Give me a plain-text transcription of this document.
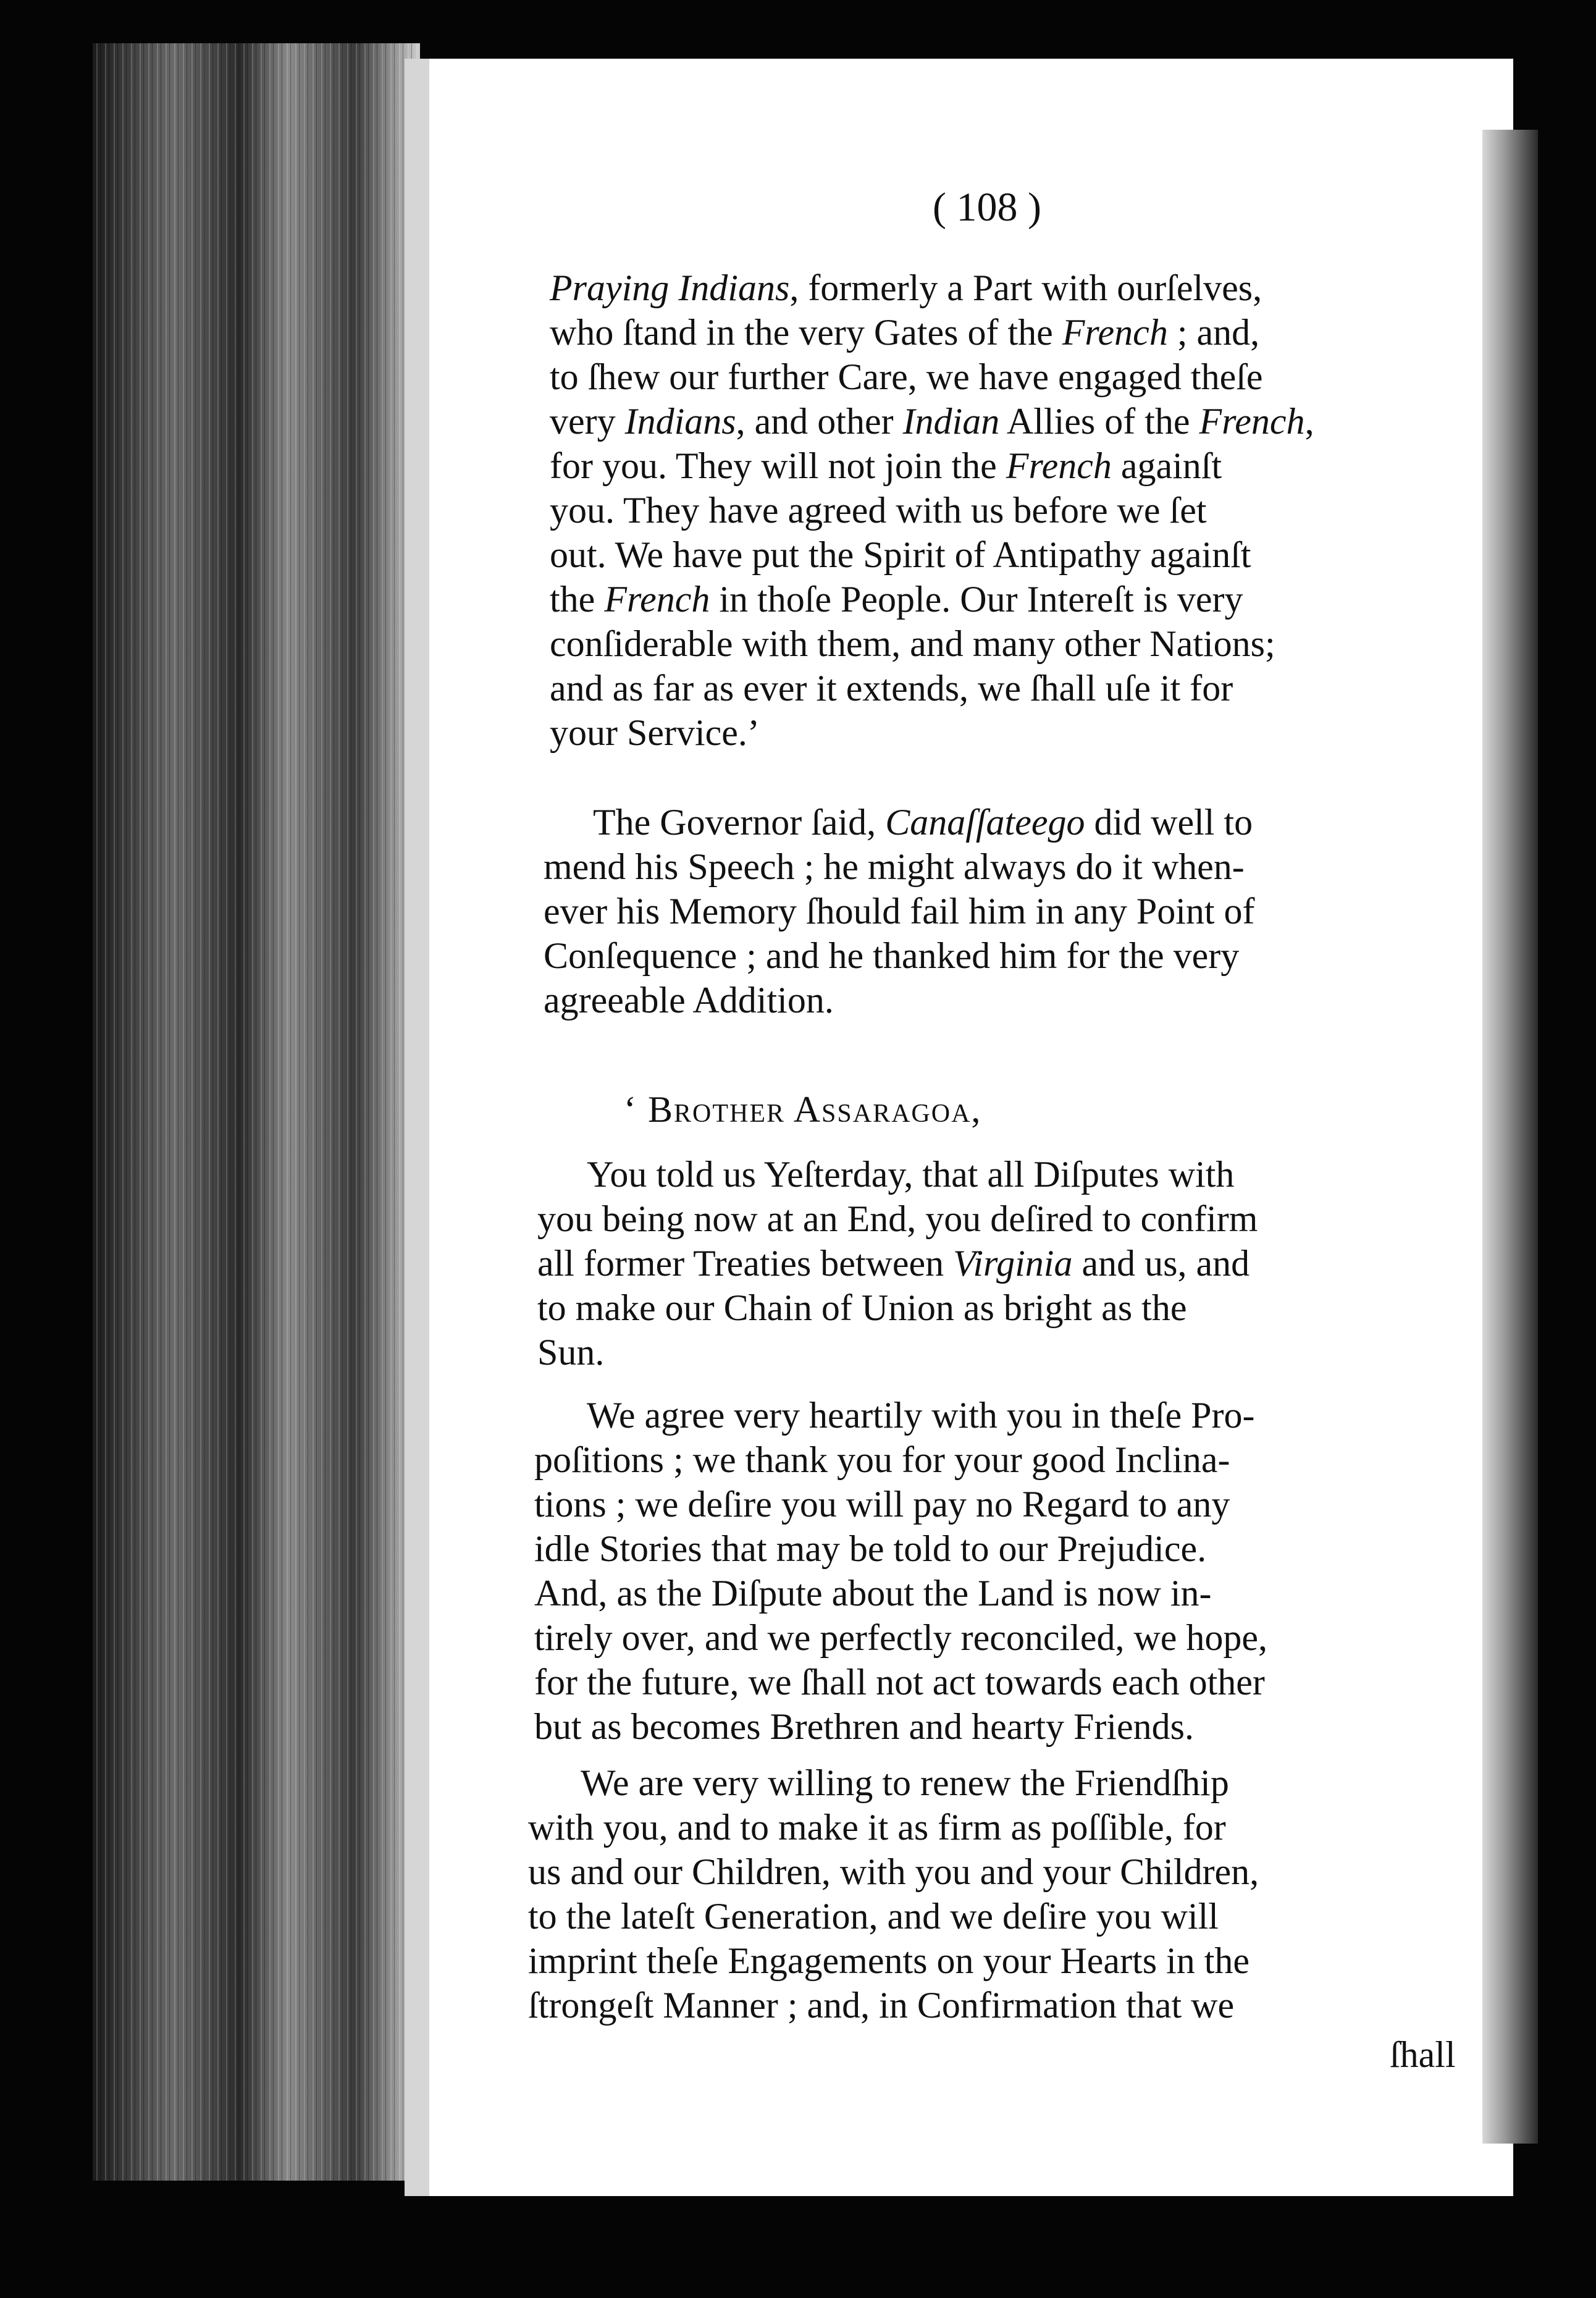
( 108 )

Praying Indians, formerly a Part with ourſelves,

who ſtand in the very Gates of the French ; and,

to ſhew our further Care, we have engaged theſe

very Indians, and other Indian Allies of the French,

for you. They will not join the French againſt

you. They have agreed with us before we ſet

out. We have put the Spirit of Antipathy againſt

the French in thoſe People. Our Intereſt is very

conſiderable with them, and many other Nations;

and as far as ever it extends, we ſhall uſe it for

your Service.’

The Governor ſaid, Canaſſateego did well to

mend his Speech ; he might always do it when-

ever his Memory ſhould fail him in any Point of

Conſequence ; and he thanked him for the very

agreeable Addition.

‘ Brother Aſſaragoa,

You told us Yeſterday, that all Diſputes with

you being now at an End, you deſired to confirm

all former Treaties between Virginia and us, and

to make our Chain of Union as bright as the

Sun.

We agree very heartily with you in theſe Pro-

poſitions ; we thank you for your good Inclina-

tions ; we deſire you will pay no Regard to any

idle Stories that may be told to our Prejudice.

And, as the Diſpute about the Land is now in-

tirely over, and we perfectly reconciled, we hope,

for the future, we ſhall not act towards each other

but as becomes Brethren and hearty Friends.

We are very willing to renew the Friendſhip

with you, and to make it as firm as poſſible, for

us and our Children, with you and your Children,

to the lateſt Generation, and we deſire you will

imprint theſe Engagements on your Hearts in the

ſtrongeſt Manner ; and, in Confirmation that we

ſhall
